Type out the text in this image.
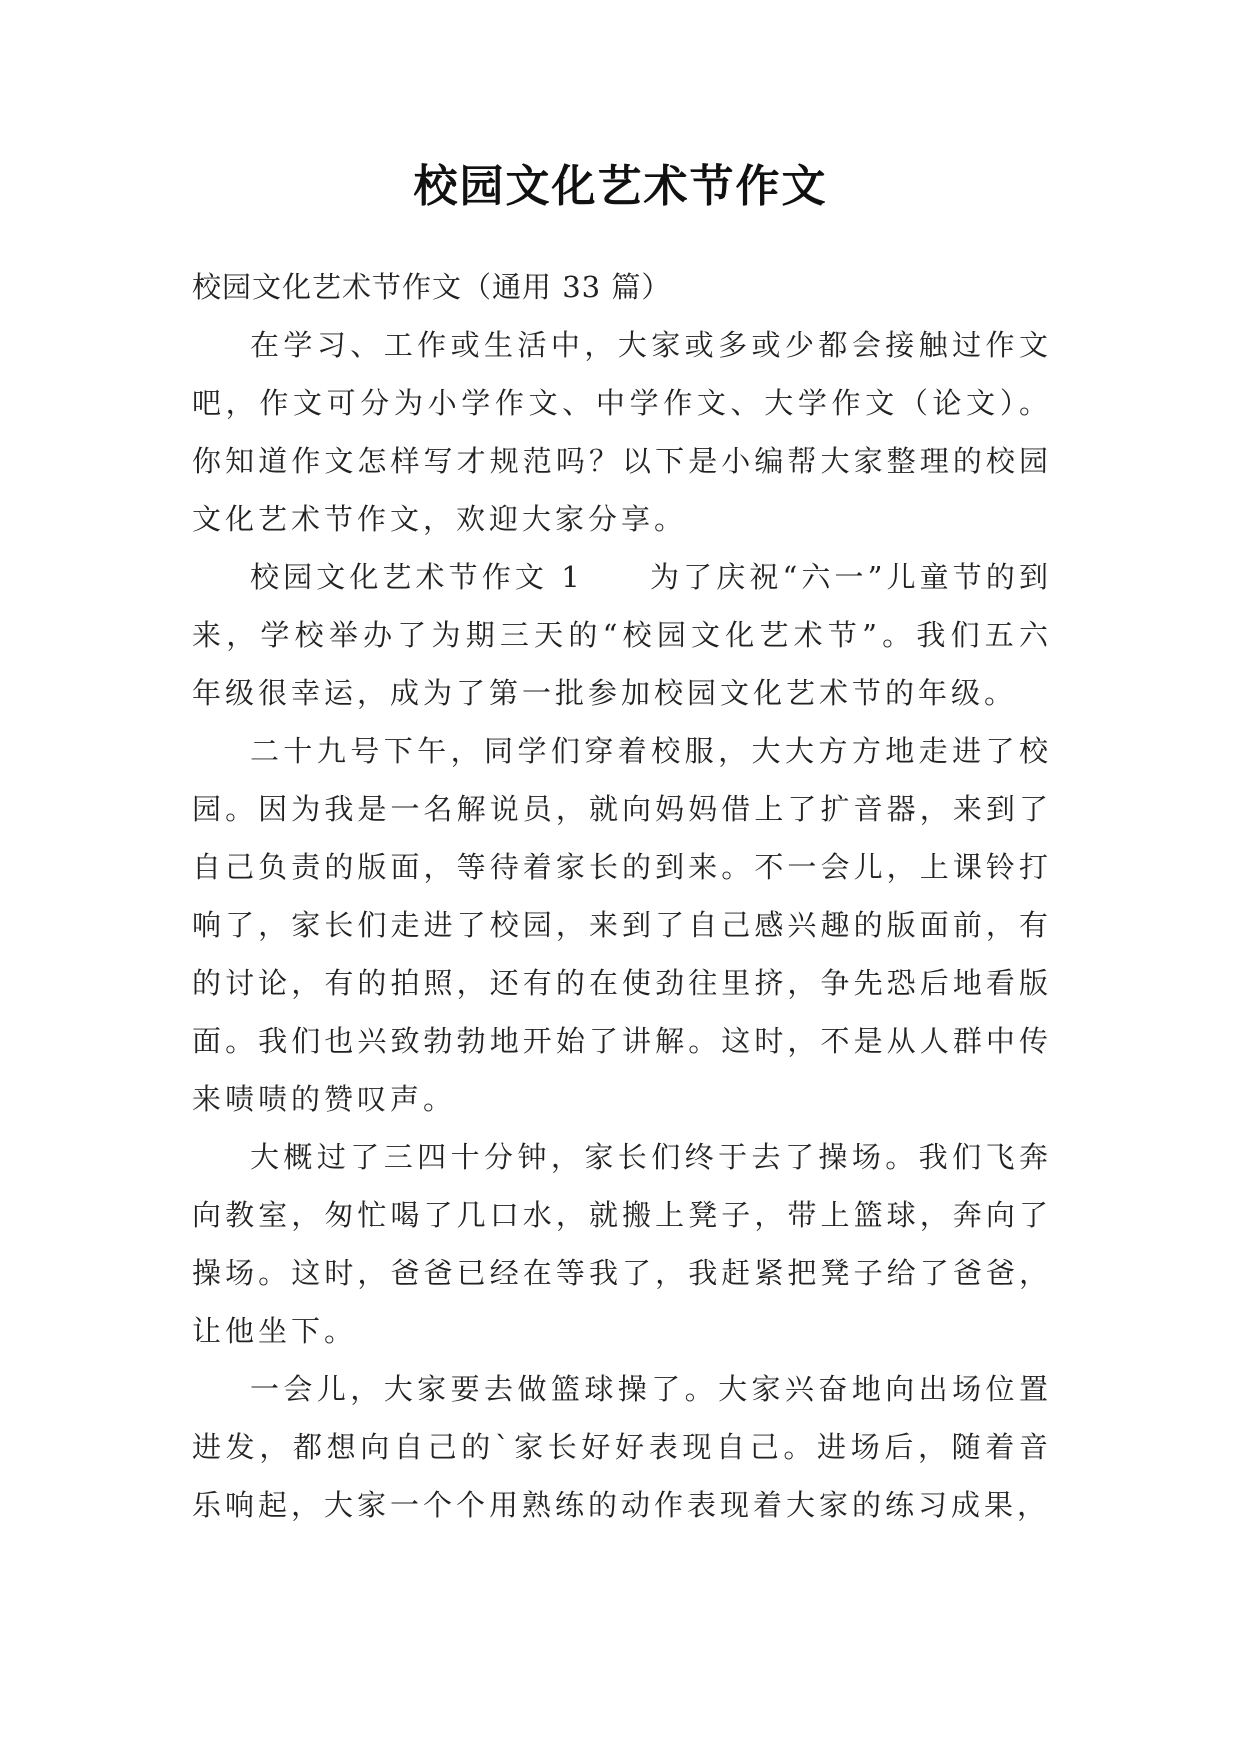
校园文化艺术节作文

校园文化艺术节作文（通用 33 篇）

在学习、工作或生活中，大家或多或少都会接触过作文吧，作文可分为小学作文、中学作文、大学作文（论文）。你知道作文怎样写才规范吗？以下是小编帮大家整理的校园文化艺术节作文，欢迎大家分享。

校园文化艺术节作文 1　　为了庆祝“六一”儿童节的到来，学校举办了为期三天的“校园文化艺术节”。我们五六年级很幸运，成为了第一批参加校园文化艺术节的年级。

二十九号下午，同学们穿着校服，大大方方地走进了校园。因为我是一名解说员，就向妈妈借上了扩音器，来到了自己负责的版面，等待着家长的到来。不一会儿，上课铃打响了，家长们走进了校园，来到了自己感兴趣的版面前，有的讨论，有的拍照，还有的在使劲往里挤，争先恐后地看版面。我们也兴致勃勃地开始了讲解。这时，不是从人群中传来啧啧的赞叹声。

大概过了三四十分钟，家长们终于去了操场。我们飞奔向教室，匆忙喝了几口水，就搬上凳子，带上篮球，奔向了操场。这时，爸爸已经在等我了，我赶紧把凳子给了爸爸，让他坐下。

一会儿，大家要去做篮球操了。大家兴奋地向出场位置进发，都想向自己的`家长好好表现自己。进场后，随着音乐响起，大家一个个用熟练的动作表现着大家的练习成果，
